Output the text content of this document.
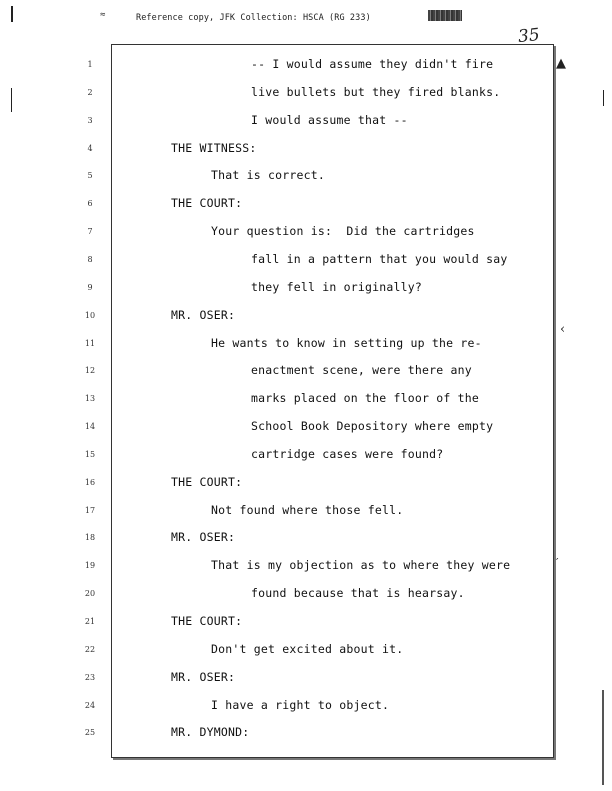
▲
‹
′
≈	Reference copy, JFK Collection: HSCA (RG 233)
35
1	-- I would assume they didn't fire
2	live bullets but they fired blanks.
3	I would assume that --
4	THE WITNESS:
5	That is correct.
6	THE COURT:
7	Your question is:  Did the cartridges
8	fall in a pattern that you would say
9	they fell in originally?
10	MR. OSER:
11	He wants to know in setting up the re-
12	enactment scene, were there any
13	marks placed on the floor of the
14	School Book Depository where empty
15	cartridge cases were found?
16	THE COURT:
17	Not found where those fell.
18	MR. OSER:
19	That is my objection as to where they were
20	found because that is hearsay.
21	THE COURT:
22	Don't get excited about it.
23	MR. OSER:
24	I have a right to object.
25	MR. DYMOND:
